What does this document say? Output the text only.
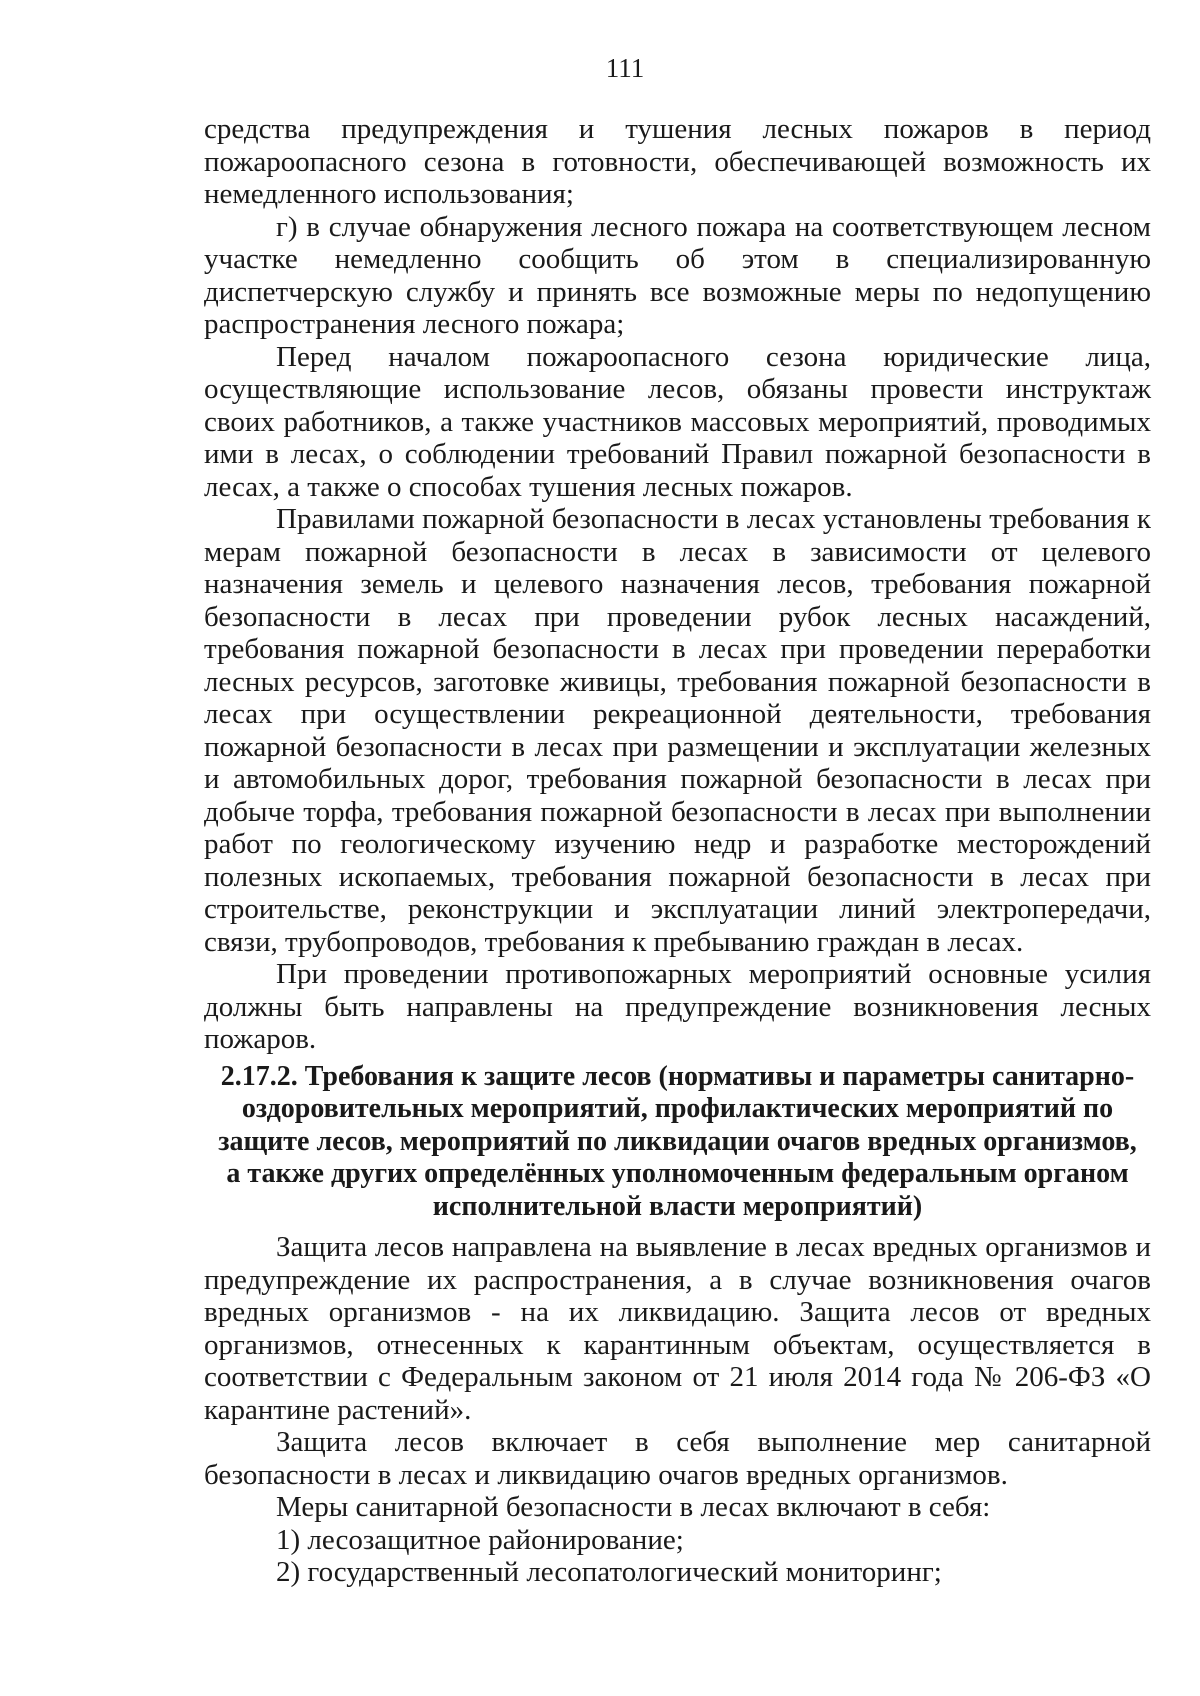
111

средства предупреждения и тушения лесных пожаров в период пожароопасного сезона в готовности, обеспечивающей возможность их немедленного использования;

г) в случае обнаружения лесного пожара на соответствующем лесном участке немедленно сообщить об этом в специализированную диспетчерскую службу и принять все возможные меры по недопущению распространения лесного пожара;

Перед началом пожароопасного сезона юридические лица, осуществляющие использование лесов, обязаны провести инструктаж своих работников, а также участников массовых мероприятий, проводимых ими в лесах, о соблюдении требований Правил пожарной безопасности в лесах, а также о способах тушения лесных пожаров.

Правилами пожарной безопасности в лесах установлены требования к мерам пожарной безопасности в лесах в зависимости от целевого назначения земель и целевого назначения лесов, требования пожарной безопасности в лесах при проведении рубок лесных насаждений, требования пожарной безопасности в лесах при проведении переработки лесных ресурсов, заготовке живицы, требования пожарной безопасности в лесах при осуществлении рекреационной деятельности, требования пожарной безопасности в лесах при размещении и эксплуатации железных и автомобильных дорог, требования пожарной безопасности в лесах при добыче торфа, требования пожарной безопасности в лесах при выполнении работ по геологическому изучению недр и разработке месторождений полезных ископаемых, требования пожарной безопасности в лесах при строительстве, реконструкции и эксплуатации линий электропередачи, связи, трубопроводов, требования к пребыванию граждан в лесах.

При проведении противопожарных мероприятий основные усилия должны быть направлены на предупреждение возникновения лесных пожаров.

2.17.2. Требования к защите лесов (нормативы и параметры санитарно-
оздоровительных мероприятий, профилактических мероприятий по
защите лесов, мероприятий по ликвидации очагов вредных организмов,
а также других определённых уполномоченным федеральным органом
исполнительной власти мероприятий)

Защита лесов направлена на выявление в лесах вредных организмов и предупреждение их распространения, а в случае возникновения очагов вредных организмов - на их ликвидацию. Защита лесов от вредных организмов, отнесенных к карантинным объектам, осуществляется в соответствии с Федеральным законом от 21 июля 2014 года № 206-ФЗ «О карантине растений».

Защита лесов включает в себя выполнение мер санитарной безопасности в лесах и ликвидацию очагов вредных организмов.

Меры санитарной безопасности в лесах включают в себя:

1) лесозащитное районирование;

2) государственный лесопатологический мониторинг;
